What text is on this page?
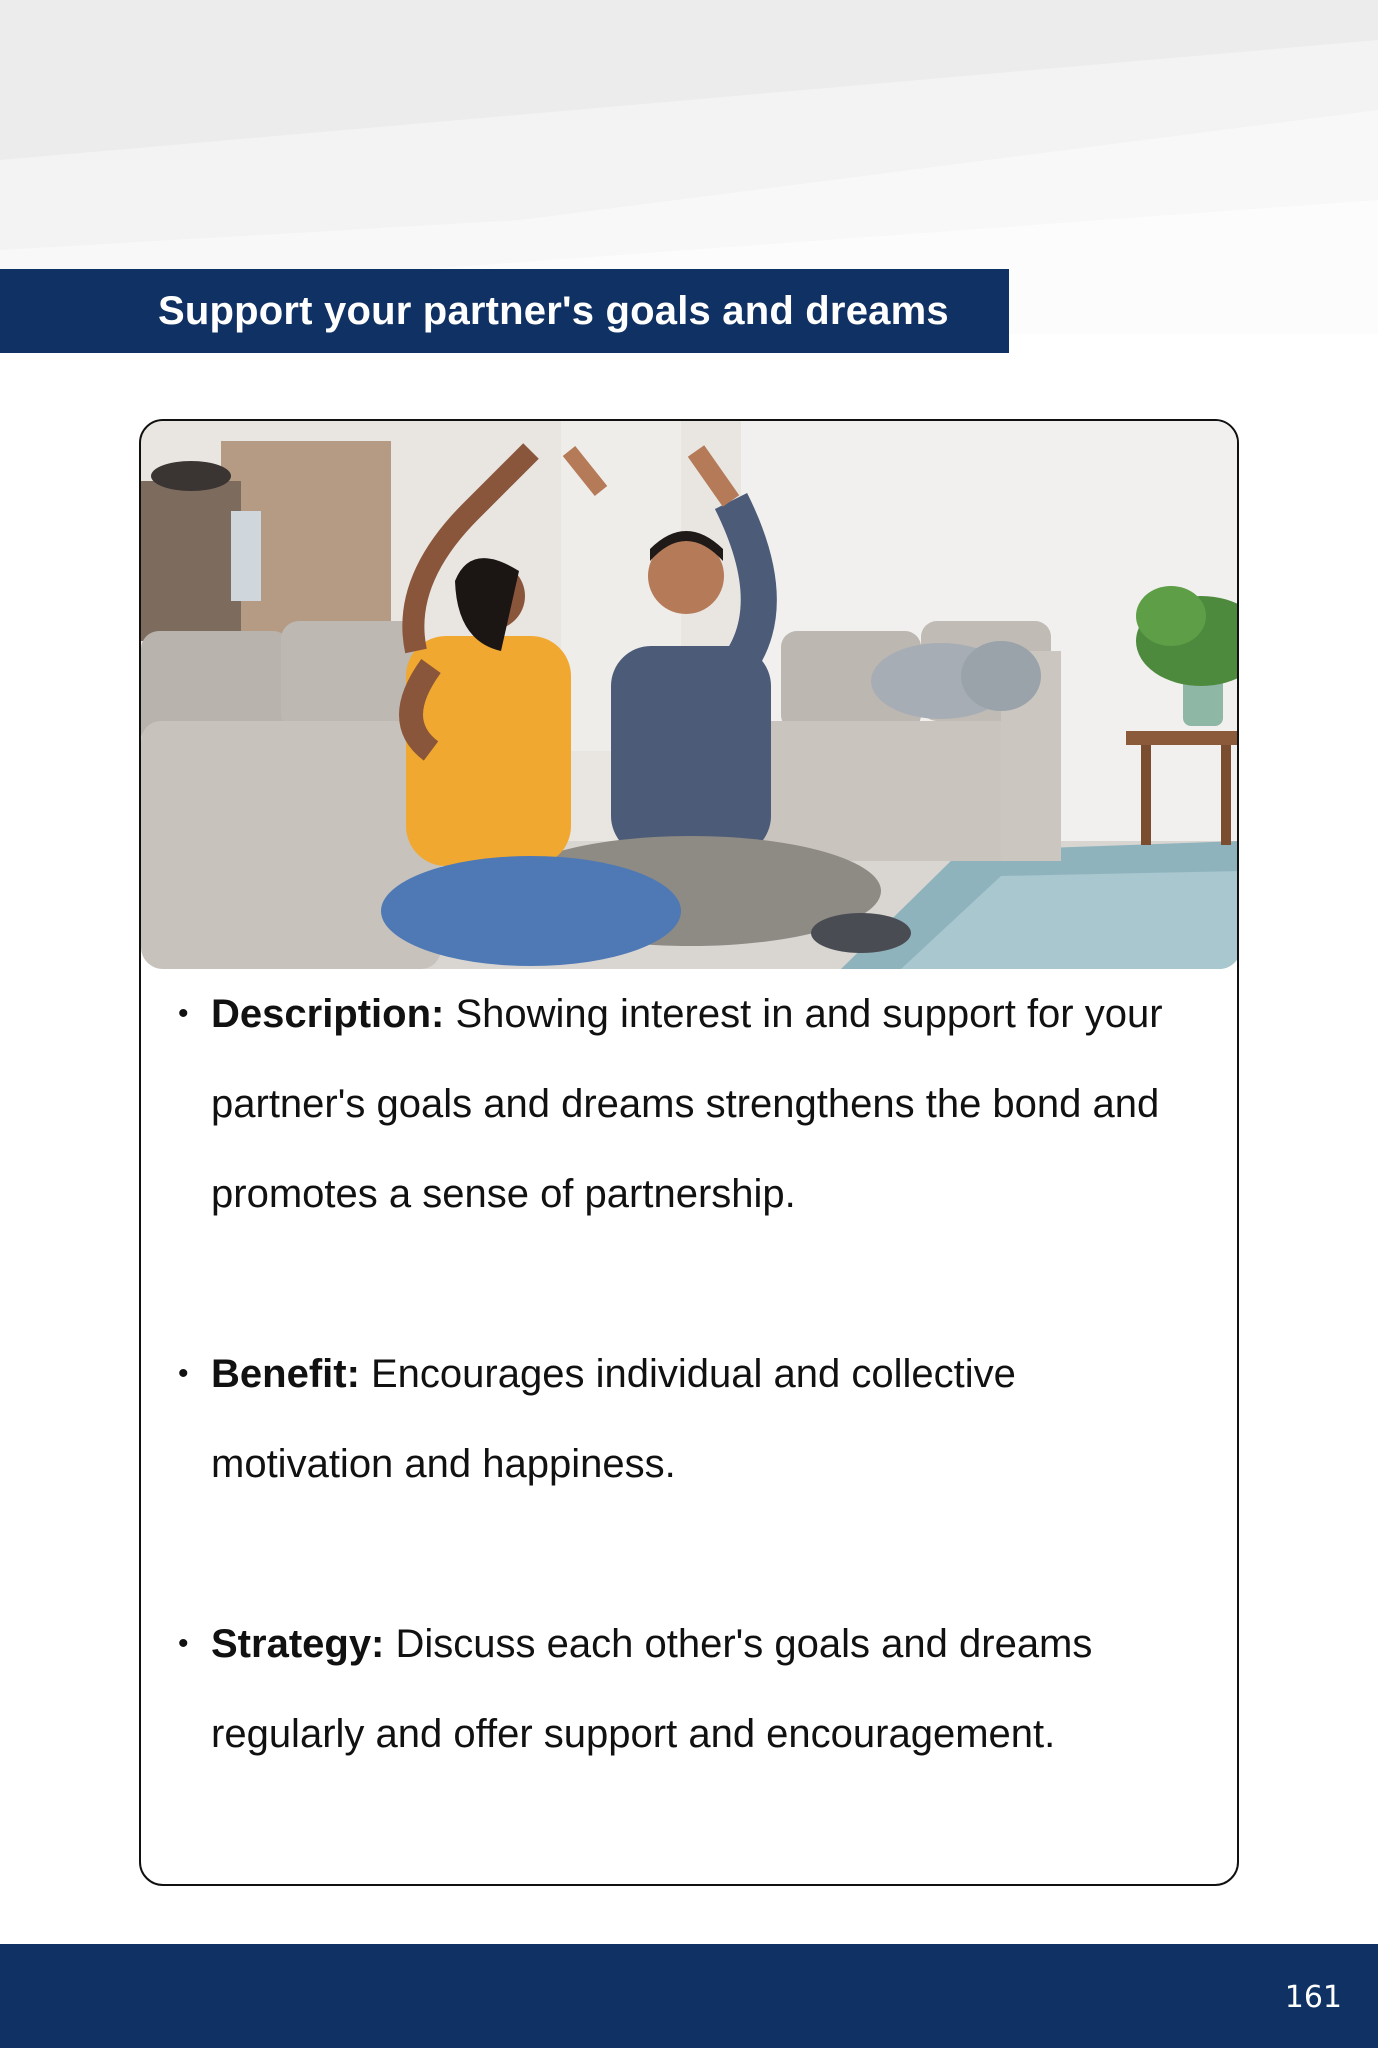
Support your partner's goals and dreams
• Description: Showing interest in and support for your partner's goals and dreams strengthens the bond and promotes a sense of partnership.
• Benefit: Encourages individual and collective motivation and happiness.
• Strategy: Discuss each other's goals and dreams regularly and offer support and encouragement.
161
